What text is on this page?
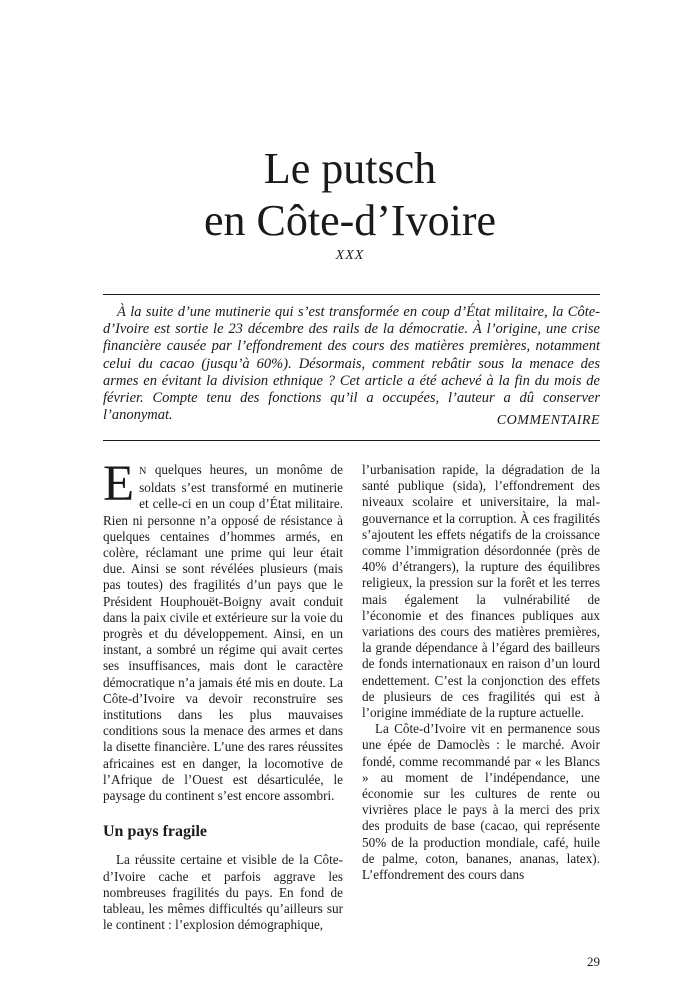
Le putsch
en Côte-d’Ivoire
XXX

À la suite d’une mutinerie qui s’est transformée en coup d’État militaire, la Côte-d’Ivoire est sortie le 23 décembre des rails de la démocratie. À l’origine, une crise financière causée par l’effondrement des cours des matières premières, notamment celui du cacao (jusqu’à 60%). Désormais, comment rebâtir sous la menace des armes en évitant la division ethnique ? Cet article a été achevé à la fin du mois de février. Compte tenu des fonctions qu’il a occupées, l’auteur a dû conserver l’anonymat.	COMMENTAIRE

E N quelques heures, un monôme de soldats s’est transformé en mutinerie et celle-ci en un coup d’État militaire. Rien ni personne n’a opposé de résistance à quelques centaines d’hommes armés, en colère, réclamant une prime qui leur était due. Ainsi se sont révélées plusieurs (mais pas toutes) des fragilités d’un pays que le Président Houphouët-Boigny avait conduit dans la paix civile et extérieure sur la voie du progrès et du développement. Ainsi, en un instant, a sombré un régime qui avait certes ses insuffisances, mais dont le caractère démocratique n’a jamais été mis en doute. La Côte-d’Ivoire va devoir reconstruire ses institutions dans les plus mauvaises conditions sous la menace des armes et dans la disette financière. L’une des rares réussites africaines est en danger, la locomotive de l’Afrique de l’Ouest est désarticulée, le paysage du continent s’est encore assombri.

Un pays fragile

La réussite certaine et visible de la Côte-d’Ivoire cache et parfois aggrave les nombreuses fragilités du pays. En fond de tableau, les mêmes difficultés qu’ailleurs sur le continent : l’explosion démographique,

l’urbanisation rapide, la dégradation de la santé publique (sida), l’effondrement des niveaux scolaire et universitaire, la mal-gouvernance et la corruption. À ces fragilités s’ajoutent les effets négatifs de la croissance comme l’immigration désordonnée (près de 40% d’étrangers), la rupture des équilibres religieux, la pression sur la forêt et les terres mais également la vulnérabilité de l’économie et des finances publiques aux variations des cours des matières premières, la grande dépendance à l’égard des bailleurs de fonds internationaux en raison d’un lourd endettement. C’est la conjonction des effets de plusieurs de ces fragilités qui est à l’origine immédiate de la rupture actuelle.

La Côte-d’Ivoire vit en permanence sous une épée de Damoclès : le marché. Avoir fondé, comme recommandé par « les Blancs » au moment de l’indépendance, une économie sur les cultures de rente ou vivrières place le pays à la merci des prix des produits de base (cacao, qui représente 50% de la production mondiale, café, huile de palme, coton, bananes, ananas, latex). L’effondrement des cours dans

29
